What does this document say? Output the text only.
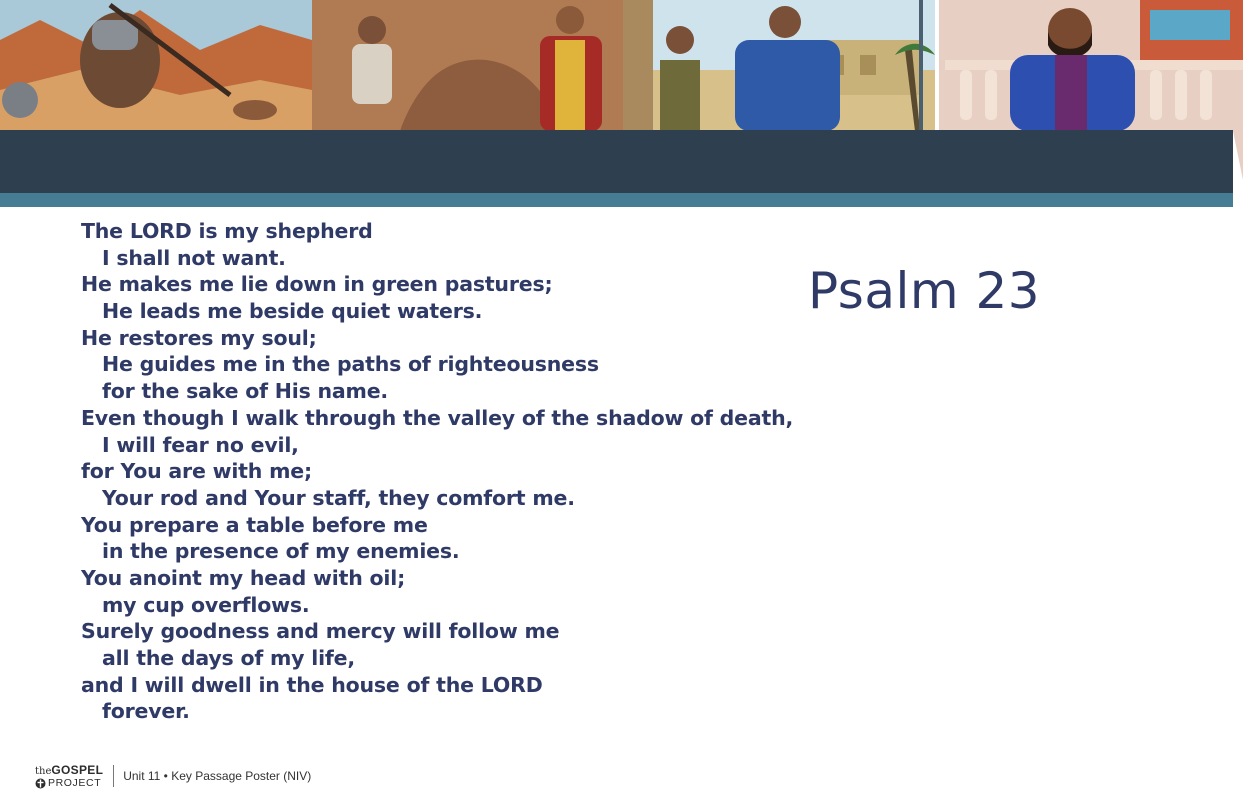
The LORD is my shepherd
I shall not want.
He makes me lie down in green pastures;
He leads me beside quiet waters.
He restores my soul;
He guides me in the paths of righteousness
for the sake of His name.
Even though I walk through the valley of the shadow of death,
I will fear no evil,
for You are with me;
Your rod and Your staff, they comfort me.
You prepare a table before me
in the presence of my enemies.
You anoint my head with oil;
my cup overflows.
Surely goodness and mercy will follow me
all the days of my life,
and I will dwell in the house of the LORD
forever.
Psalm 23
theGOSPEL
PROJECT Unit 11 • Key Passage Poster (NIV)
